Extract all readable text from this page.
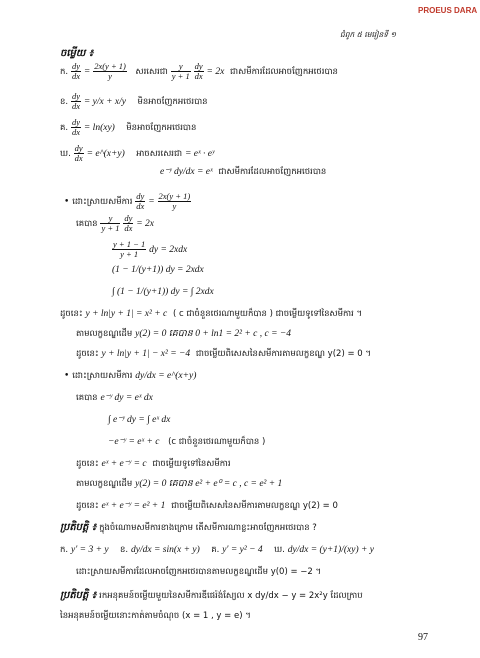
PROEUS DARA
ជំពូក ៥ មេរៀនទី ១
ចម្លើយ ៖
ក. $\frac{dy}{dx} = \frac{2x(y + 1)}{y}$ សរសេរជា $\frac{y}{y + 1}$
$\frac{dy}{dx} = 2x$ ជាសមីការដែលអាចញែកអថេរបាន
ខ. $\frac{dy}{dx} = y/x + x/y$ មិនអាចញែកអថេរបាន
គ. $\frac{dy}{dx} = \ln(xy)$ មិនអាចញែកអថេរបាន
ឃ. $\frac{dy}{dx}$ = e^(x+y) អាចសរសេរជា = eˣ · eʸ
e⁻ʸ dy/dx = eˣ ជាសមីការដែលអាចញែកអថេរបាន
• ដោះស្រាយសមីការ $\frac{dy}{dx} = \frac{2x(y + 1)}{y}$
គេបាន $\frac{y}{y + 1}$
$\frac{dy}{dx} = 2x$
$\frac{y + 1 - 1}{y + 1}$ dy = 2xdx
(1 − 1/(y+1)) dy = 2xdx
∫ (1 − 1/(y+1)) dy = ∫ 2xdx
ដូចនេះ y + ln|y + 1| = x² + c ( c ជាចំនួនថេរណាមួយក៏បាន ) ជាចម្លើយទូទៅនៃសមីការ ។
តាមលក្ខខណ្ឌដើម y(2) = 0 គេបាន 0 + ln1 = 2² + c , c = −4
ដូចនេះ y + ln|y + 1| − x² = −4 ជាចម្លើយពិសេសនៃសមីការតាមលក្ខខណ្ឌ y(2) = 0 ។
• ដោះស្រាយសមីការ dy/dx = e^(x+y)
គេបាន e⁻ʸ dy = eˣ dx
∫ e⁻ʸ dy = ∫ eˣ dx
−e⁻ʸ = eˣ + c (c ជាចំនួនថេរណាមួយក៏បាន )
ដូចនេះ eˣ + e⁻ʸ = c ជាចម្លើយទូទៅនៃសមីការ
តាមលក្ខខណ្ឌដើម y(2) = 0 គេបាន e² + e⁰ = c , c = e² + 1
ដូចនេះ eˣ + e⁻ʸ = e² + 1 ជាចម្លើយពិសេសនៃសមីការតាមលក្ខខណ្ឌ y(2) = 0
ប្រតិបត្តិ ៖ ក្នុងចំណោមសមីការខាងក្រោម តើសមីការណាខ្លះអាចញែកអថេរបាន ?
ក. y′ = 3 + y ខ. dy/dx = sin(x + y) គ. y′ = y² − 4 ឃ. dy/dx = (y+1)/(xy) + y
ដោះស្រាយសមីការដែលអាចញែកអថេរបានតាមលក្ខខណ្ឌដើម y(0) = −2 ។
ប្រតិបត្តិ ៖ រកអនុគមន៍ចម្លើយមួយនៃសមីការឌីផេរ៉ង់ស្យែល x dy/dx − y = 2x²y ដែលក្រាប
នៃអនុគមន៍ចម្លើយនោះកាត់តាមចំណុច (x = 1 , y = e) ។
97
